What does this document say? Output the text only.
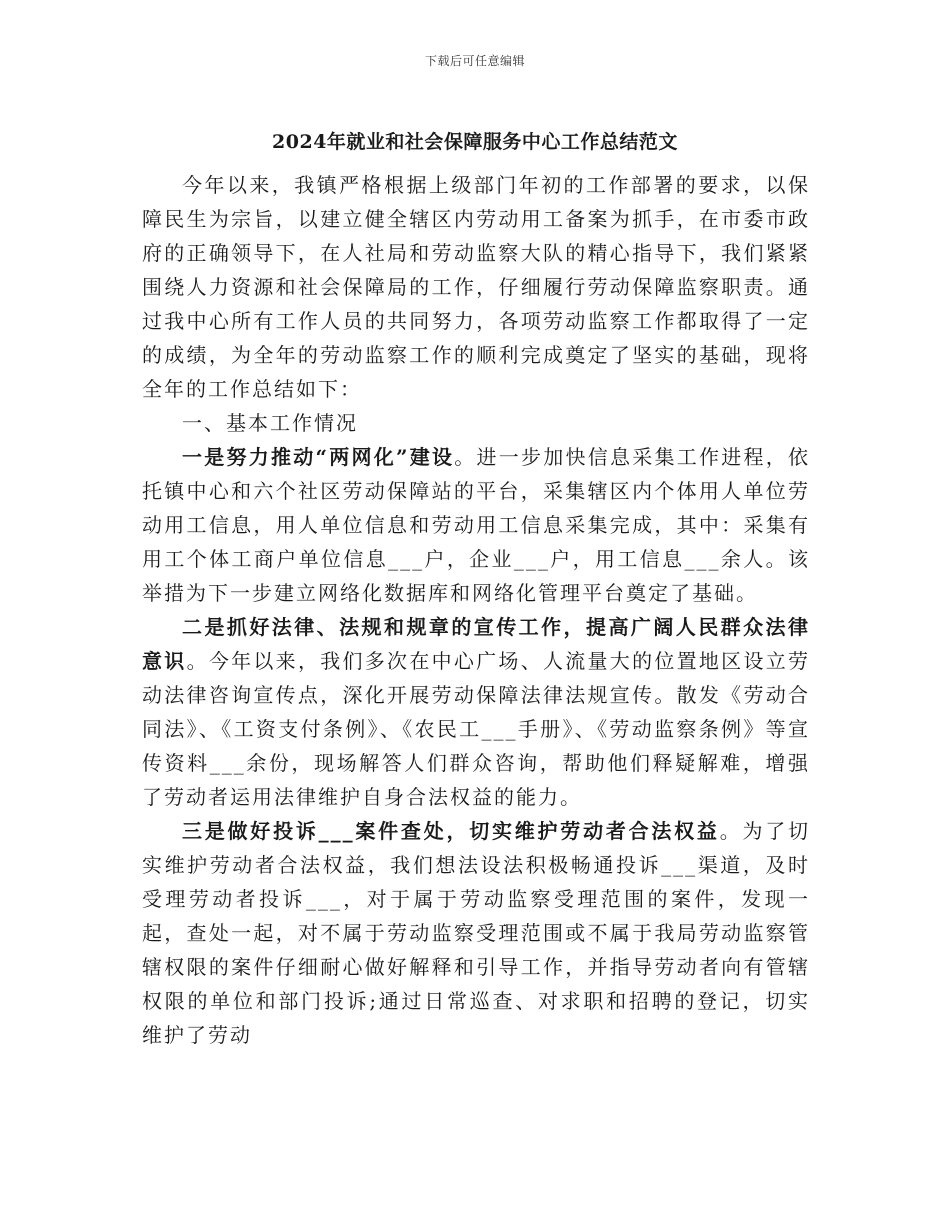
下载后可任意编辑
2024年就业和社会保障服务中心工作总结范文

今年以来，我镇严格根据上级部门年初的工作部署的要求，以保障民生为宗旨，以建立健全辖区内劳动用工备案为抓手，在市委市政府的正确领导下，在人社局和劳动监察大队的精心指导下，我们紧紧围绕人力资源和社会保障局的工作，仔细履行劳动保障监察职责。通过我中心所有工作人员的共同努力，各项劳动监察工作都取得了一定的成绩，为全年的劳动监察工作的顺利完成奠定了坚实的基础，现将全年的工作总结如下：

一、基本工作情况

一是努力推动“两网化”建设。进一步加快信息采集工作进程，依托镇中心和六个社区劳动保障站的平台，采集辖区内个体用人单位劳动用工信息，用人单位信息和劳动用工信息采集完成，其中：采集有用工个体工商户单位信息___户，企业___户，用工信息___余人。该举措为下一步建立网络化数据库和网络化管理平台奠定了基础。

二是抓好法律、法规和规章的宣传工作，提高广阔人民群众法律意识。今年以来，我们多次在中心广场、人流量大的位置地区设立劳动法律咨询宣传点，深化开展劳动保障法律法规宣传。散发《劳动合同法》、《工资支付条例》、《农民工___手册》、《劳动监察条例》等宣传资料___余份，现场解答人们群众咨询，帮助他们释疑解难，增强了劳动者运用法律维护自身合法权益的能力。

三是做好投诉___案件查处，切实维护劳动者合法权益。为了切实维护劳动者合法权益，我们想法设法积极畅通投诉___渠道，及时受理劳动者投诉___，对于属于劳动监察受理范围的案件，发现一起，查处一起，对不属于劳动监察受理范围或不属于我局劳动监察管辖权限的案件仔细耐心做好解释和引导工作，并指导劳动者向有管辖权限的单位和部门投诉;通过日常巡查、对求职和招聘的登记，切实维护了劳动
